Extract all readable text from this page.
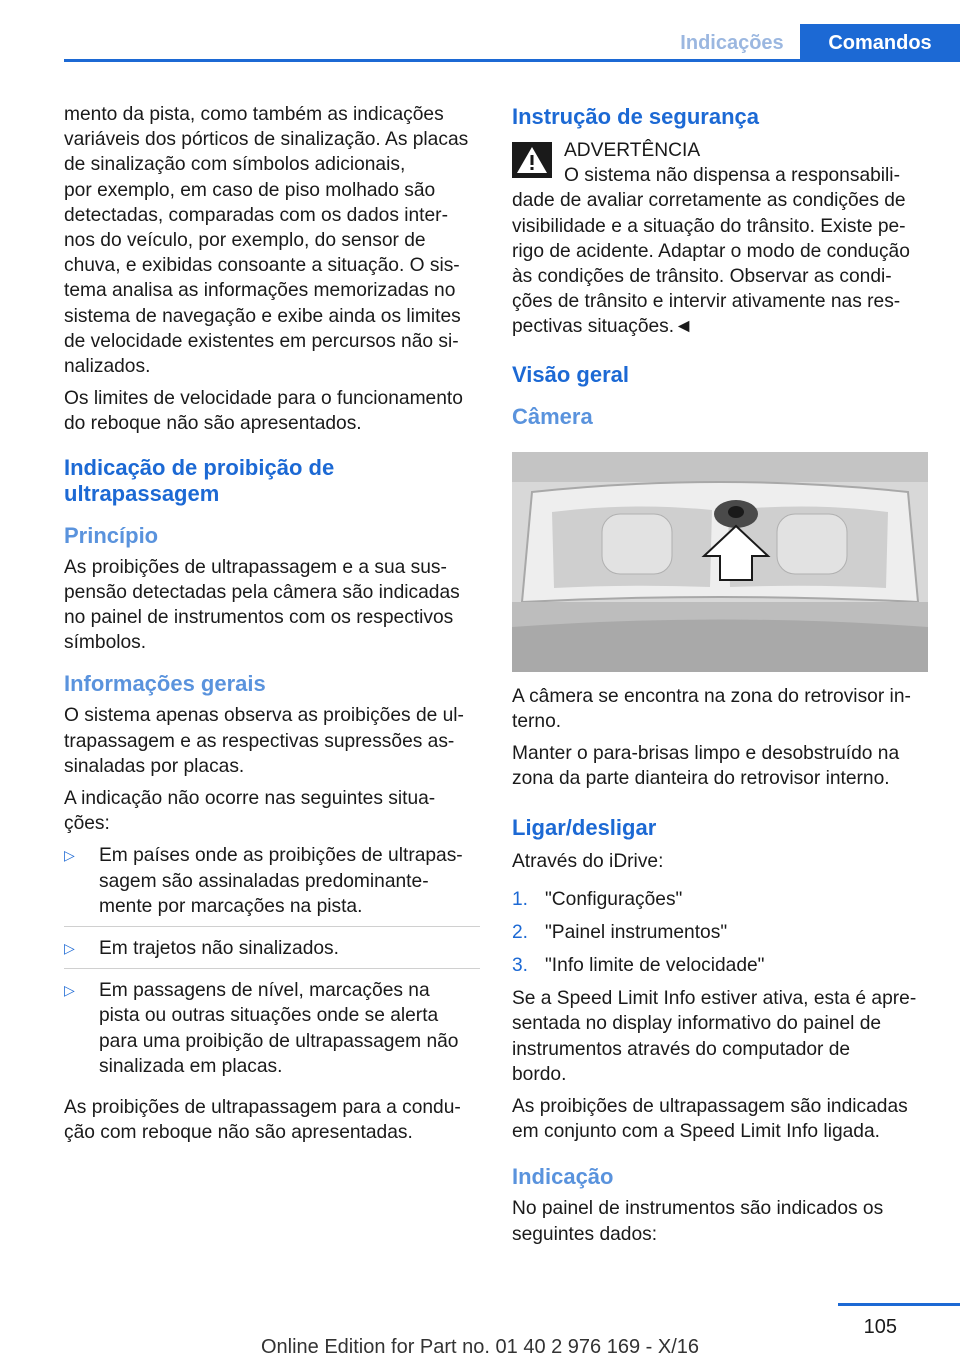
Indicações	Comandos

mento da pista, como também as indicações
variáveis dos pórticos de sinalização. As placas
de sinalização com símbolos adicionais,
por exemplo, em caso de piso molhado são
detectadas, comparadas com os dados inter‐
nos do veículo, por exemplo, do sensor de
chuva, e exibidas consoante a situação. O sis‐
tema analisa as informações memorizadas no
sistema de navegação e exibe ainda os limites
de velocidade existentes em percursos não si‐
nalizados.

Os limites de velocidade para o funcionamento
do reboque não são apresentados.

Indicação de proibição de
ultrapassagem
Princípio

As proibições de ultrapassagem e a sua sus‐
pensão detectadas pela câmera são indicadas
no painel de instrumentos com os respectivos
símbolos.

Informações gerais

O sistema apenas observa as proibições de ul‐
trapassagem e as respectivas supressões as‐
sinaladas por placas.

A indicação não ocorre nas seguintes situa‐
ções:

▷ Em países onde as proibições de ultrapas‐
sagem são assinaladas predominante‐
mente por marcações na pista.
▷ Em trajetos não sinalizados.
▷ Em passagens de nível, marcações na
pista ou outras situações onde se alerta
para uma proibição de ultrapassagem não
sinalizada em placas.

As proibições de ultrapassagem para a condu‐
ção com reboque não são apresentadas.

Instrução de segurança
ADVERTÊNCIA
O sistema não dispensa a responsabili‐

dade de avaliar corretamente as condições de
visibilidade e a situação do trânsito. Existe pe‐
rigo de acidente. Adaptar o modo de condução
às condições de trânsito. Observar as condi‐
ções de trânsito e intervir ativamente nas res‐
pectivas situações.◄

Visão geral
Câmera

A câmera se encontra na zona do retrovisor in‐
terno.

Manter o para-brisas limpo e desobstruído na
zona da parte dianteira do retrovisor interno.

Ligar/desligar

Através do iDrive:

1. "Configurações"
2. "Painel instrumentos"
3. "Info limite de velocidade"

Se a Speed Limit Info estiver ativa, esta é apre‐
sentada no display informativo do painel de
instrumentos através do computador de
bordo.

As proibições de ultrapassagem são indicadas
em conjunto com a Speed Limit Info ligada.

Indicação

No painel de instrumentos são indicados os
seguintes dados:

105
Online Edition for Part no. 01 40 2 976 169 - X/16
